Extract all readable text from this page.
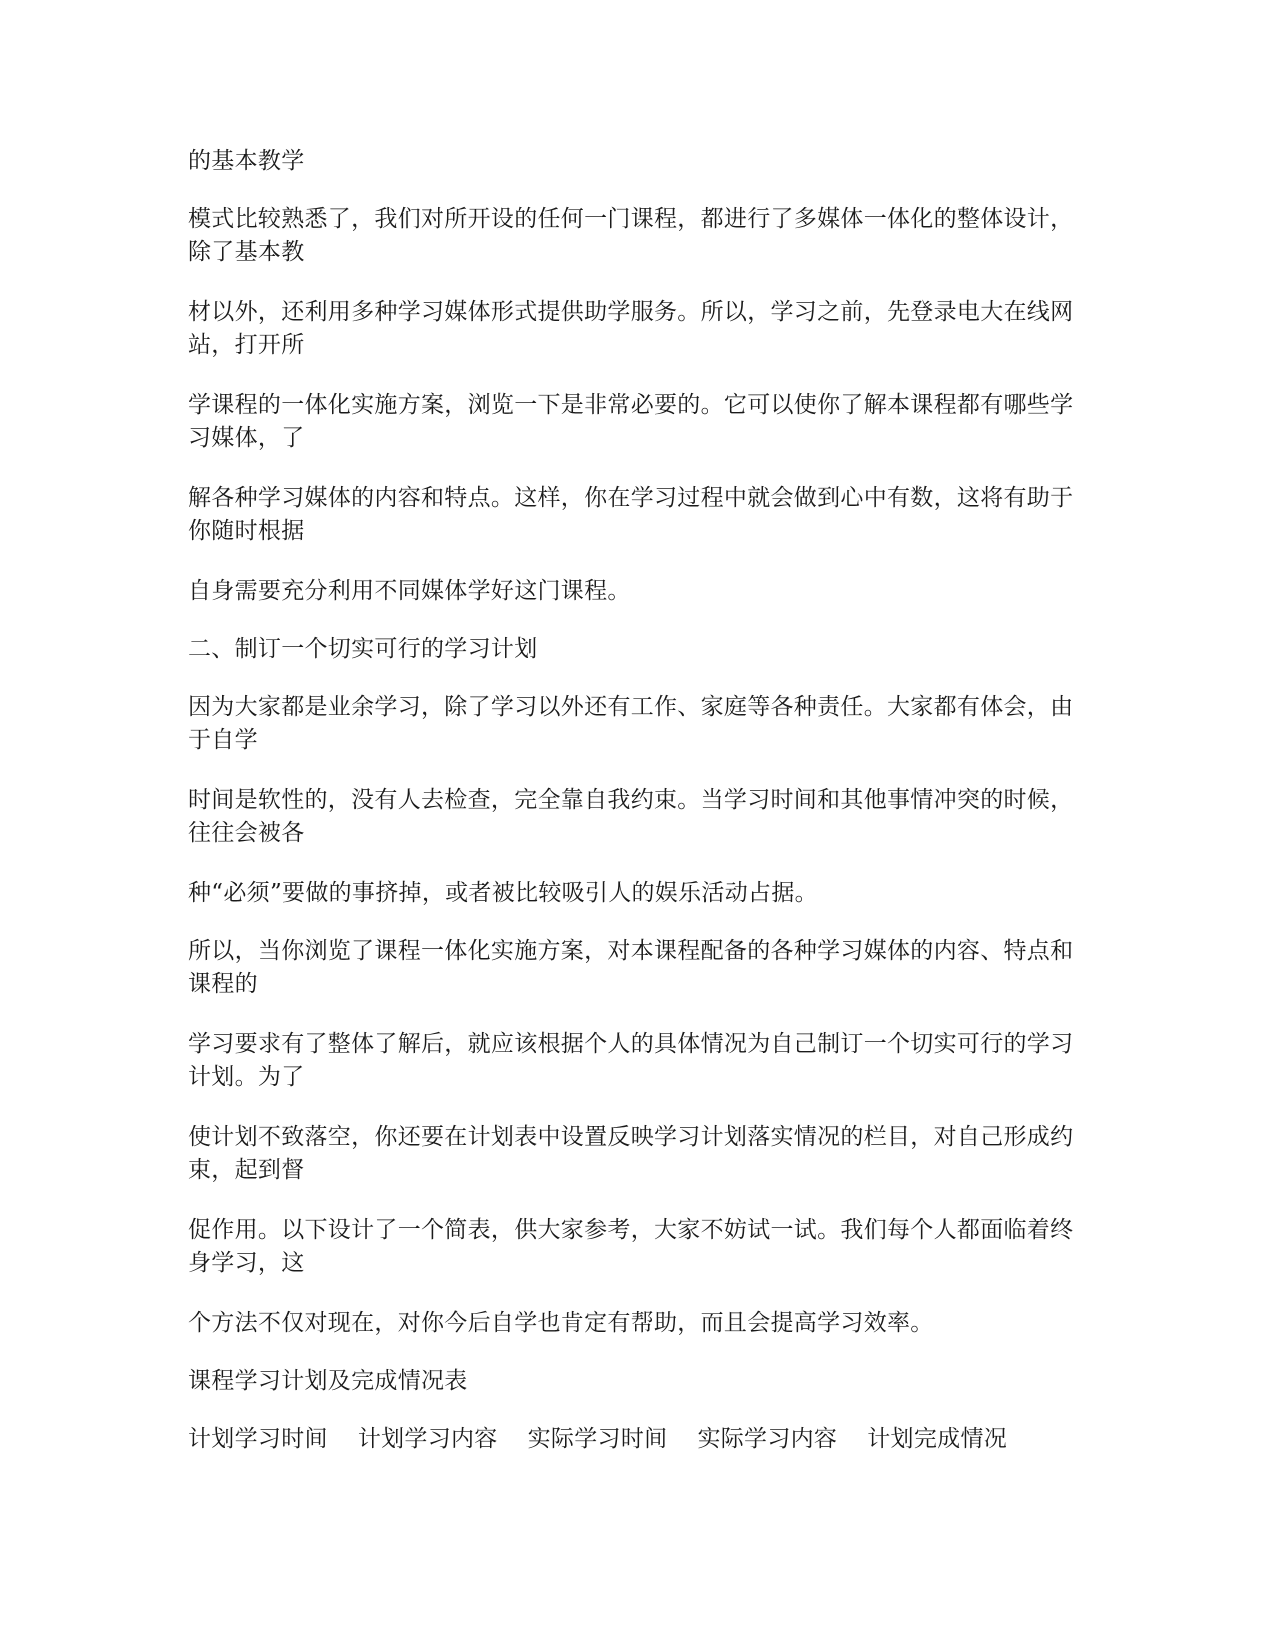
的基本教学

模式比较熟悉了，我们对所开设的任何一门课程，都进行了多媒体一体化的整体设计，除了基本教

材以外，还利用多种学习媒体形式提供助学服务。所以，学习之前，先登录电大在线网站，打开所

学课程的一体化实施方案，浏览一下是非常必要的。它可以使你了解本课程都有哪些学习媒体，了

解各种学习媒体的内容和特点。这样，你在学习过程中就会做到心中有数，这将有助于你随时根据

自身需要充分利用不同媒体学好这门课程。

二、制订一个切实可行的学习计划

因为大家都是业余学习，除了学习以外还有工作、家庭等各种责任。大家都有体会，由于自学

时间是软性的，没有人去检查，完全靠自我约束。当学习时间和其他事情冲突的时候，往往会被各

种“必须”要做的事挤掉，或者被比较吸引人的娱乐活动占据。

所以，当你浏览了课程一体化实施方案，对本课程配备的各种学习媒体的内容、特点和课程的

学习要求有了整体了解后，就应该根据个人的具体情况为自己制订一个切实可行的学习计划。为了

使计划不致落空，你还要在计划表中设置反映学习计划落实情况的栏目，对自己形成约束，起到督

促作用。以下设计了一个简表，供大家参考，大家不妨试一试。我们每个人都面临着终身学习，这

个方法不仅对现在，对你今后自学也肯定有帮助，而且会提高学习效率。

课程学习计划及完成情况表

计划学习时间 计划学习内容 实际学习时间 实际学习内容 计划完成情况
